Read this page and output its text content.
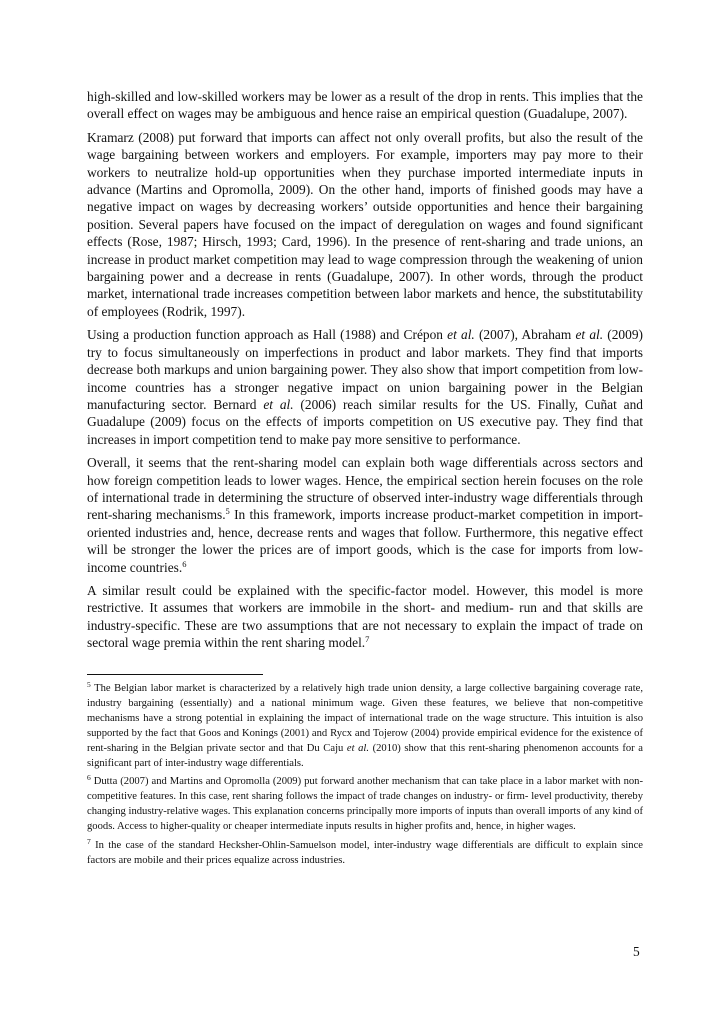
high-skilled and low-skilled workers may be lower as a result of the drop in rents. This implies that the overall effect on wages may be ambiguous and hence raise an empirical question (Guadalupe, 2007).

Kramarz (2008) put forward that imports can affect not only overall profits, but also the result of the wage bargaining between workers and employers. For example, importers may pay more to their workers to neutralize hold-up opportunities when they purchase imported intermediate inputs in advance (Martins and Opromolla, 2009). On the other hand, imports of finished goods may have a negative impact on wages by decreasing workers’ outside opportunities and hence their bargaining position. Several papers have focused on the impact of deregulation on wages and found significant effects (Rose, 1987; Hirsch, 1993; Card, 1996). In the presence of rent-sharing and trade unions, an increase in product market competition may lead to wage compression through the weakening of union bargaining power and a decrease in rents (Guadalupe, 2007). In other words, through the product market, international trade increases competition between labor markets and hence, the substitutability of employees (Rodrik, 1997).

Using a production function approach as Hall (1988) and Crépon et al. (2007), Abraham et al. (2009) try to focus simultaneously on imperfections in product and labor markets. They find that imports decrease both markups and union bargaining power. They also show that import competition from low-income countries has a stronger negative impact on union bargaining power in the Belgian manufacturing sector. Bernard et al. (2006) reach similar results for the US. Finally, Cuñat and Guadalupe (2009) focus on the effects of imports competition on US executive pay. They find that increases in import competition tend to make pay more sensitive to performance.

Overall, it seems that the rent-sharing model can explain both wage differentials across sectors and how foreign competition leads to lower wages. Hence, the empirical section herein focuses on the role of international trade in determining the structure of observed inter-industry wage differentials through rent-sharing mechanisms.$^5$ In this framework, imports increase product-market competition in import-oriented industries and, hence, decrease rents and wages that follow. Furthermore, this negative effect will be stronger the lower the prices are of import goods, which is the case for imports from low-income countries.$^6$

A similar result could be explained with the specific-factor model. However, this model is more restrictive. It assumes that workers are immobile in the short- and medium- run and that skills are industry-specific. These are two assumptions that are not necessary to explain the impact of trade on sectoral wage premia within the rent sharing model.$^7$

$^5$ The Belgian labor market is characterized by a relatively high trade union density, a large collective bargaining coverage rate, industry bargaining (essentially) and a national minimum wage. Given these features, we believe that non-competitive mechanisms have a strong potential in explaining the impact of international trade on the wage structure. This intuition is also supported by the fact that Goos and Konings (2001) and Rycx and Tojerow (2004) provide empirical evidence for the existence of rent-sharing in the Belgian private sector and that Du Caju et al. (2010) show that this rent-sharing phenomenon accounts for a significant part of inter-industry wage differentials.

$^6$ Dutta (2007) and Martins and Opromolla (2009) put forward another mechanism that can take place in a labor market with non-competitive features. In this case, rent sharing follows the impact of trade changes on industry- or firm- level productivity, thereby changing industry-relative wages. This explanation concerns principally more imports of inputs than overall imports of any kind of goods. Access to higher-quality or cheaper intermediate inputs results in higher profits and, hence, in higher wages.

$^7$ In the case of the standard Hecksher-Ohlin-Samuelson model, inter-industry wage differentials are difficult to explain since factors are mobile and their prices equalize across industries.

5
